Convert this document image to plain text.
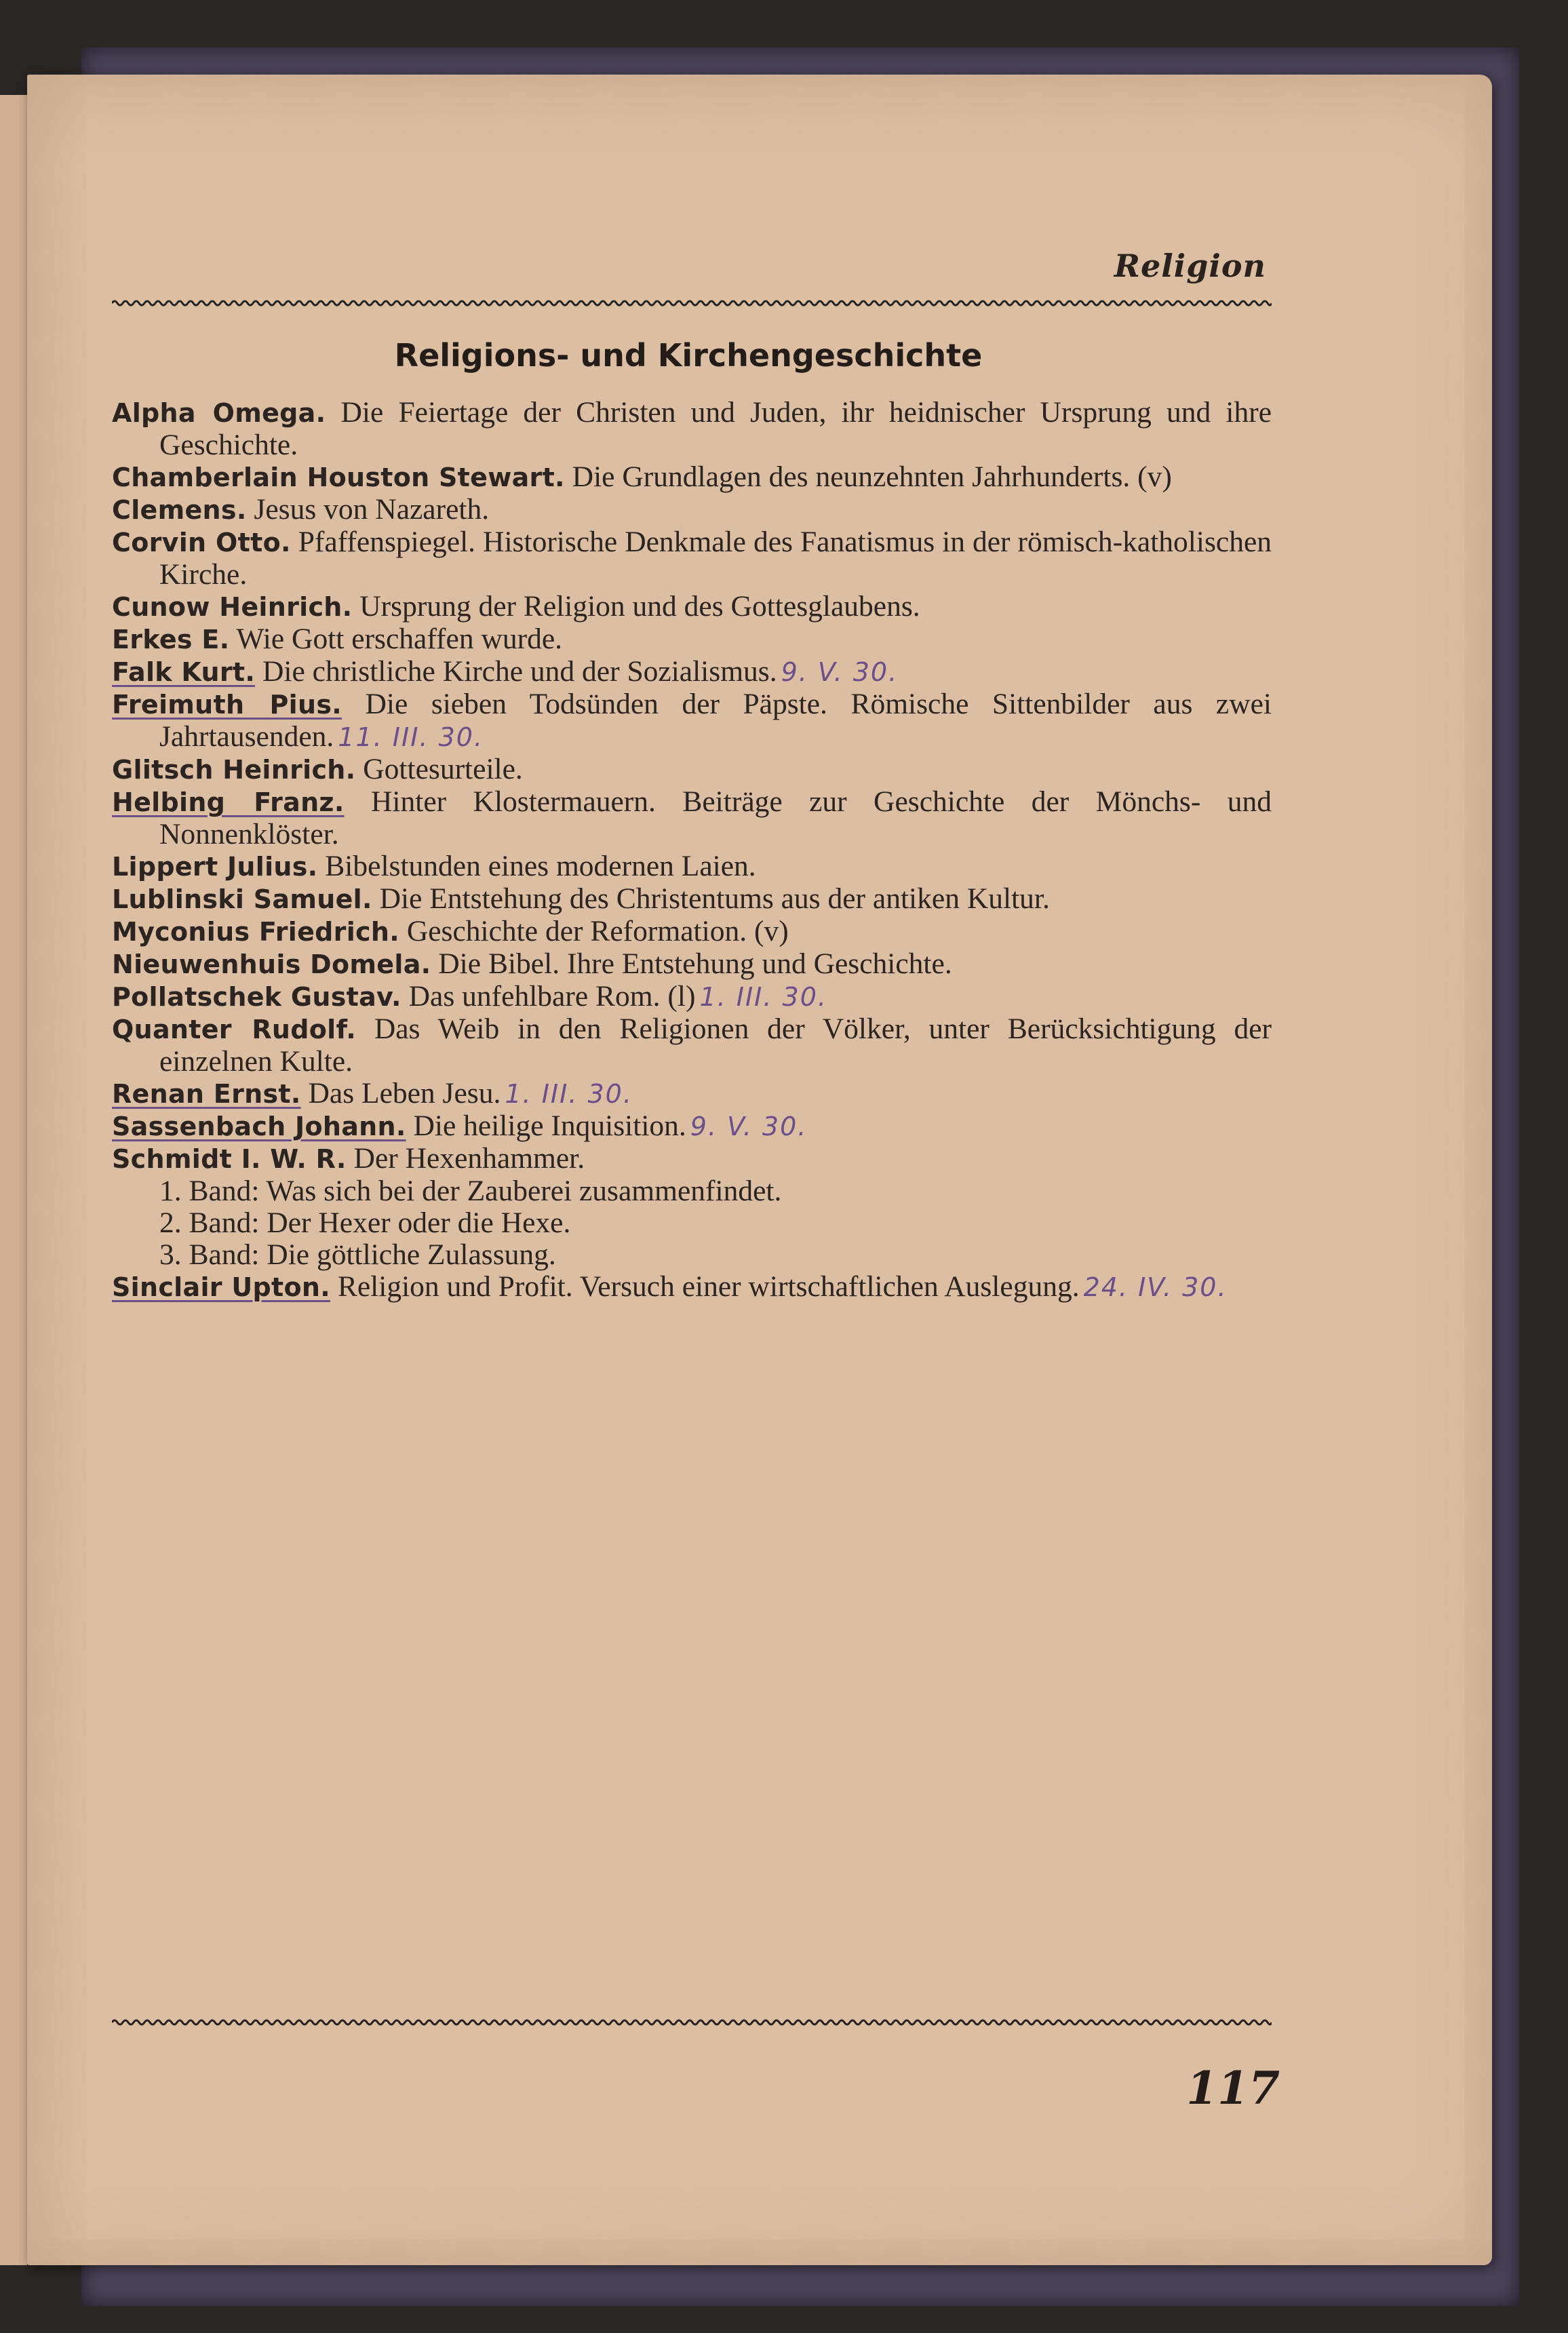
Religion
Religions- und Kirchengeschichte
Alpha Omega. Die Feiertage der Christen und Juden, ihr heidnischer Ursprung und ihre Geschichte.
Chamberlain Houston Stewart. Die Grundlagen des neunzehnten Jahrhunderts. (v)
Clemens. Jesus von Nazareth.
Corvin Otto. Pfaffenspiegel. Historische Denkmale des Fanatismus in der römisch-katholischen Kirche.
Cunow Heinrich. Ursprung der Religion und des Gottesglaubens.
Erkes E. Wie Gott erschaffen wurde.
Falk Kurt. Die christliche Kirche und der Sozialismus. 9. V. 30.
Freimuth Pius. Die sieben Todsünden der Päpste. Römische Sittenbilder aus zwei Jahrtausenden. 11. III. 30.
Glitsch Heinrich. Gottesurteile.
Helbing Franz. Hinter Klostermauern. Beiträge zur Geschichte der Mönchs- und Nonnenklöster.
Lippert Julius. Bibelstunden eines modernen Laien.
Lublinski Samuel. Die Entstehung des Christentums aus der antiken Kultur.
Myconius Friedrich. Geschichte der Reformation. (v)
Nieuwenhuis Domela. Die Bibel. Ihre Entstehung und Geschichte.
Pollatschek Gustav. Das unfehlbare Rom. (l) 1. III. 30.
Quanter Rudolf. Das Weib in den Religionen der Völker, unter Berücksichtigung der einzelnen Kulte.
Renan Ernst. Das Leben Jesu. 1. III. 30.
Sassenbach Johann. Die heilige Inquisition. 9. V. 30.
Schmidt I. W. R. Der Hexenhammer.
1. Band: Was sich bei der Zauberei zusammenfindet.
2. Band: Der Hexer oder die Hexe.
3. Band: Die göttliche Zulassung.
Sinclair Upton. Religion und Profit. Versuch einer wirtschaftlichen Auslegung. 24. IV. 30.
117
